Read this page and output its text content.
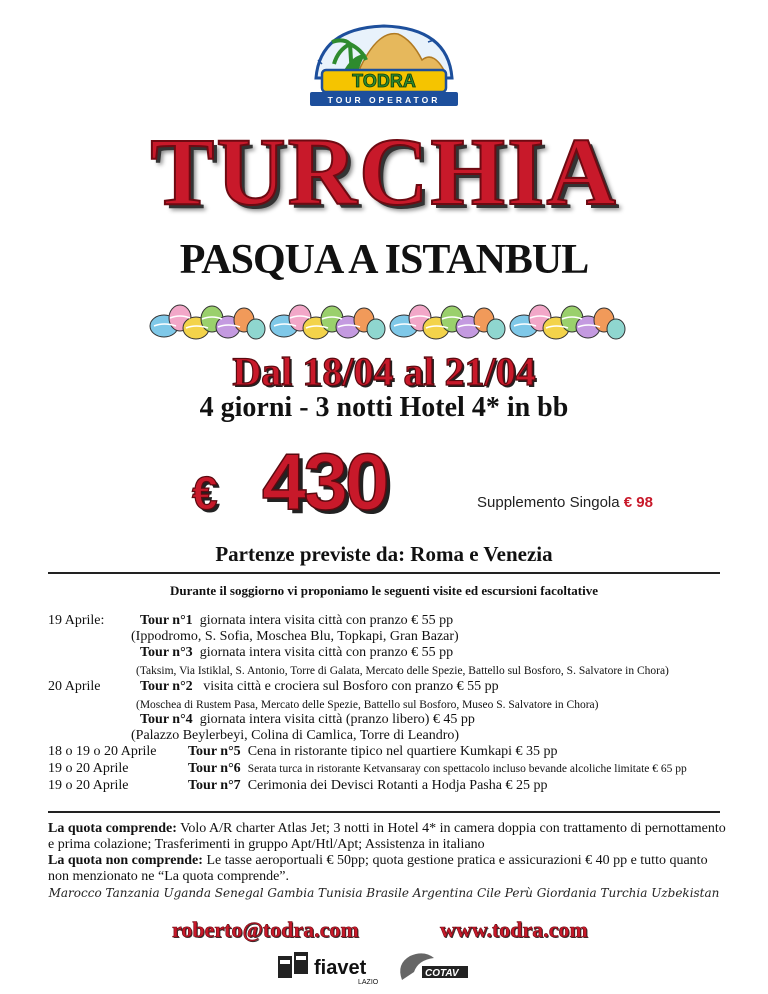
TODRA
TOUR OPERATOR
TURCHIA
PASQUA A ISTANBUL
Dal 18/04 al 21/04
4 giorni - 3 notti Hotel 4* in bb
€ 430	Supplemento Singola € 98
Partenze previste da: Roma e Venezia
Durante il soggiorno vi proponiamo le seguenti visite ed escursioni facoltative
19 Aprile:	Tour n°1 giornata intera visita città con pranzo € 55 pp
(Ippodromo, S. Sofia, Moschea Blu, Topkapi, Gran Bazar)
Tour n°3 giornata intera visita città con pranzo € 55 pp
(Taksim, Via Istiklal, S. Antonio, Torre di Galata, Mercato delle Spezie, Battello sul Bosforo, S. Salvatore in Chora)
20 Aprile	Tour n°2 visita città e crociera sul Bosforo con pranzo € 55 pp
(Moschea di Rustem Pasa, Mercato delle Spezie, Battello sul Bosforo, Museo S. Salvatore in Chora)
Tour n°4 giornata intera visita città (pranzo libero) € 45 pp
(Palazzo Beylerbeyi, Colina di Camlica, Torre di Leandro)
18 o 19 o 20 Aprile Tour n°5 Cena in ristorante tipico nel quartiere Kumkapi € 35 pp
19 o 20 Aprile	Tour n°6 Serata turca in ristorante Ketvansaray con spettacolo incluso bevande alcoliche limitate € 65 pp
19 o 20 Aprile	Tour n°7 Cerimonia dei Devisci Rotanti a Hodja Pasha € 25 pp
La quota comprende: Volo A/R charter Atlas Jet; 3 notti in Hotel 4* in camera doppia con trattamento di pernottamento e prima colazione; Trasferimenti in gruppo Apt/Htl/Apt; Assistenza in italiano
La quota non comprende: Le tasse aeroportuali € 50pp; quota gestione pratica e assicurazioni € 40 pp e tutto quanto non menzionato ne “La quota comprende”.
Marocco Tanzania Uganda Senegal Gambia Tunisia Brasile Argentina Cile Perù Giordania Turchia Uzbekistan
roberto@todra.com	www.todra.com
fiavet
LAZIO
COTAV
